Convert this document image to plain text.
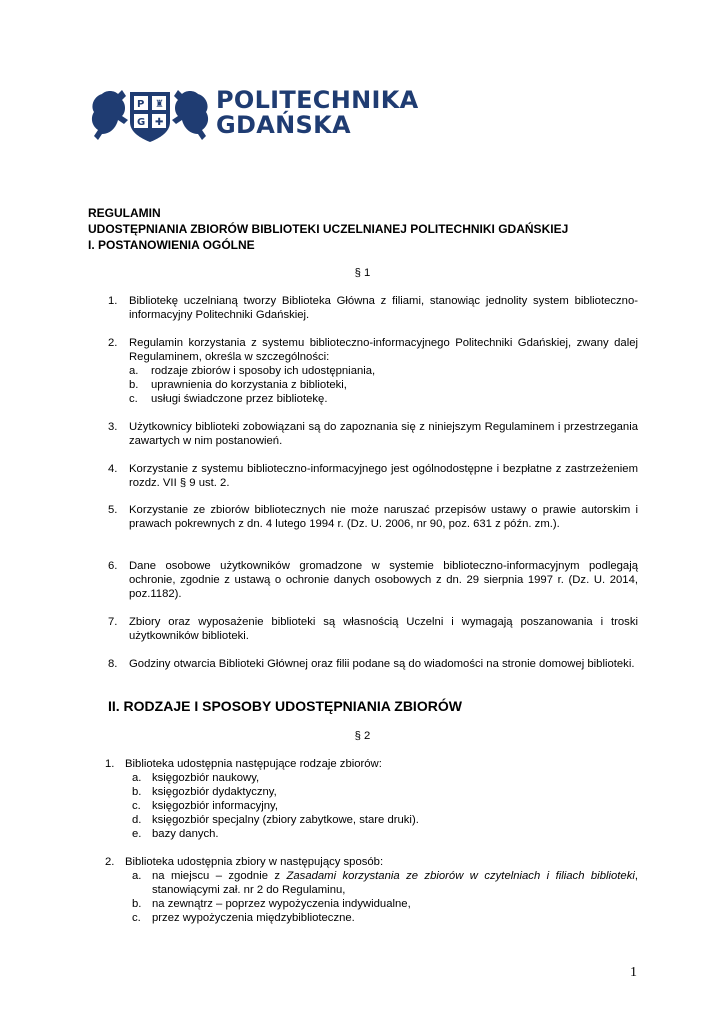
P
G
♜
✚
POLITECHNIKA
GDAŃSKA
REGULAMIN
UDOSTĘPNIANIA ZBIORÓW BIBLIOTEKI UCZELNIANEJ POLITECHNIKI GDAŃSKIEJ
I. POSTANOWIENIA OGÓLNE
§ 1
1.	Bibliotekę uczelnianą tworzy Biblioteka Główna z filiami, stanowiąc jednolity system biblioteczno-informacyjny Politechniki Gdańskiej.
2.	Regulamin korzystania z systemu biblioteczno-informacyjnego Politechniki Gdańskiej, zwany dalej Regulaminem, określa w szczególności:
a. rodzaje zbiorów i sposoby ich udostępniania,
b. uprawnienia do korzystania z biblioteki,
c. usługi świadczone przez bibliotekę.
3.	Użytkownicy biblioteki zobowiązani są do zapoznania się z niniejszym Regulaminem i przestrzegania zawartych w nim postanowień.
4.	Korzystanie z systemu biblioteczno-informacyjnego jest ogólnodostępne i bezpłatne z zastrzeżeniem rozdz. VII § 9 ust. 2.
5.	Korzystanie ze zbiorów bibliotecznych nie może naruszać przepisów ustawy o prawie autorskim i prawach pokrewnych z dn. 4 lutego 1994 r. (Dz. U. 2006, nr 90, poz. 631 z późn. zm.).
6.	Dane osobowe użytkowników gromadzone w systemie biblioteczno-informacyjnym podlegają ochronie, zgodnie z ustawą o ochronie danych osobowych z dn. 29 sierpnia 1997 r. (Dz. U. 2014, poz.1182).
7.	Zbiory oraz wyposażenie biblioteki są własnością Uczelni i wymagają poszanowania i troski użytkowników biblioteki.
8.	Godziny otwarcia Biblioteki Głównej oraz filii podane są do wiadomości na stronie domowej biblioteki.
II. RODZAJE I SPOSOBY UDOSTĘPNIANIA ZBIORÓW
§ 2
1. Biblioteka udostępnia następujące rodzaje zbiorów:
a. księgozbiór naukowy,
b. księgozbiór dydaktyczny,
c. księgozbiór informacyjny,
d. księgozbiór specjalny (zbiory zabytkowe, stare druki).
e. bazy danych.
2. Biblioteka udostępnia zbiory w następujący sposób:
a. na miejscu – zgodnie z Zasadami korzystania ze zbiorów w czytelniach i filiach biblioteki, stanowiącymi zał. nr 2 do Regulaminu,
b. na zewnątrz – poprzez wypożyczenia indywidualne,
c. przez wypożyczenia międzybiblioteczne.
1
